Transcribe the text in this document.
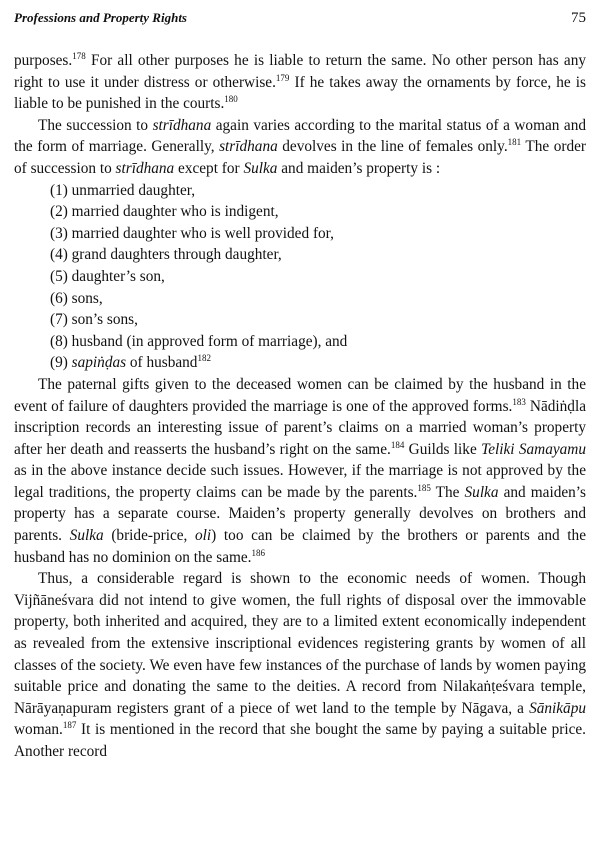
Professions and Property Rights	75

purposes.$^{178}$ For all other purposes he is liable to return the same. No other person has any right to use it under distress or otherwise.$^{179}$ If he takes away the ornaments by force, he is liable to be punished in the courts.$^{180}$

The succession to strīdhana again varies according to the marital status of a woman and the form of marriage. Generally, strīdhana devolves in the line of females only.$^{181}$ The order of succession to strīdhana except for Sulka and maiden’s property is :

(1) unmarried daughter,
(2) married daughter who is indigent,
(3) married daughter who is well provided for,
(4) grand daughters through daughter,
(5) daughter’s son,
(6) sons,
(7) son’s sons,
(8) husband (in approved form of marriage), and
(9) sapiṅḍas of husband$^{182}$

The paternal gifts given to the deceased women can be claimed by the husband in the event of failure of daughters provided the marriage is one of the approved forms.$^{183}$ Nādiṅḍla inscription records an interesting issue of parent’s claims on a married woman’s property after her death and reasserts the husband’s right on the same.$^{184}$ Guilds like Teliki Samayamu as in the above instance decide such issues. However, if the marriage is not approved by the legal traditions, the property claims can be made by the parents.$^{185}$ The Sulka and maiden’s property has a separate course. Maiden’s property generally devolves on brothers and parents. Sulka (bride-price, oli) too can be claimed by the brothers or parents and the husband has no dominion on the same.$^{186}$

Thus, a considerable regard is shown to the economic needs of women. Though Vijñāneśvara did not intend to give women, the full rights of disposal over the immovable property, both inherited and acquired, they are to a limited extent economically independent as revealed from the extensive inscriptional evidences registering grants by women of all classes of the society. We even have few instances of the purchase of lands by women paying suitable price and donating the same to the deities. A record from Nilakaṅṭeśvara temple, Nārāyaṇapuram registers grant of a piece of wet land to the temple by Nāgava, a Sānikāpu woman.$^{187}$ It is mentioned in the record that she bought the same by paying a suitable price. Another record
